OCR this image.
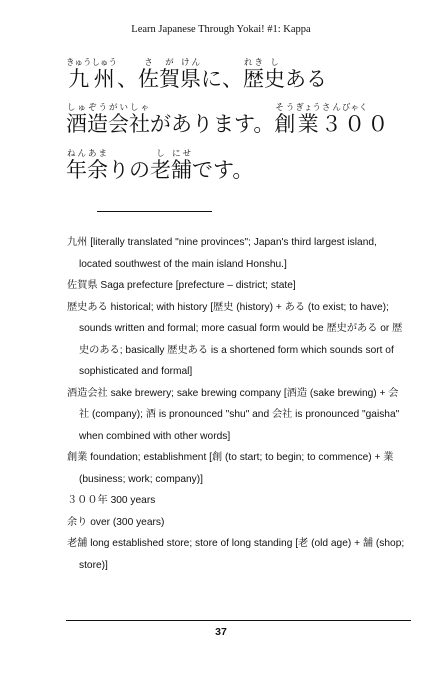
Learn Japanese Through Yokai! #1: Kappa
九きゅう州しゅう、佐さ賀が県けんに、歴れき史しある
酒しゅ造ぞう会がい社しゃがあります。創そう業ぎょう３さん０びゃく０
年ねん余あまりの老し舗にせです。
九州 [literally translated "nine provinces"; Japan's third largest island, located southwest of the main island Honshu.]
佐賀県 Saga prefecture [prefecture – district; state]
歴史ある historical; with history [歴史 (history) + ある (to exist; to have); sounds written and formal; more casual form would be 歴史がある or 歴史のある; basically 歴史ある is a shortened form which sounds sort of sophisticated and formal]
酒造会社 sake brewery; sake brewing company [酒造 (sake brewing) + 会社 (company); 酒 is pronounced "shu" and 会社 is pronounced "gaisha" when combined with other words]
創業 foundation; establishment [創 (to start; to begin; to commence) + 業 (business; work; company)]
３００年 300 years
余り over (300 years)
老舗 long established store; store of long standing [老 (old age) + 舗 (shop; store)]
37
